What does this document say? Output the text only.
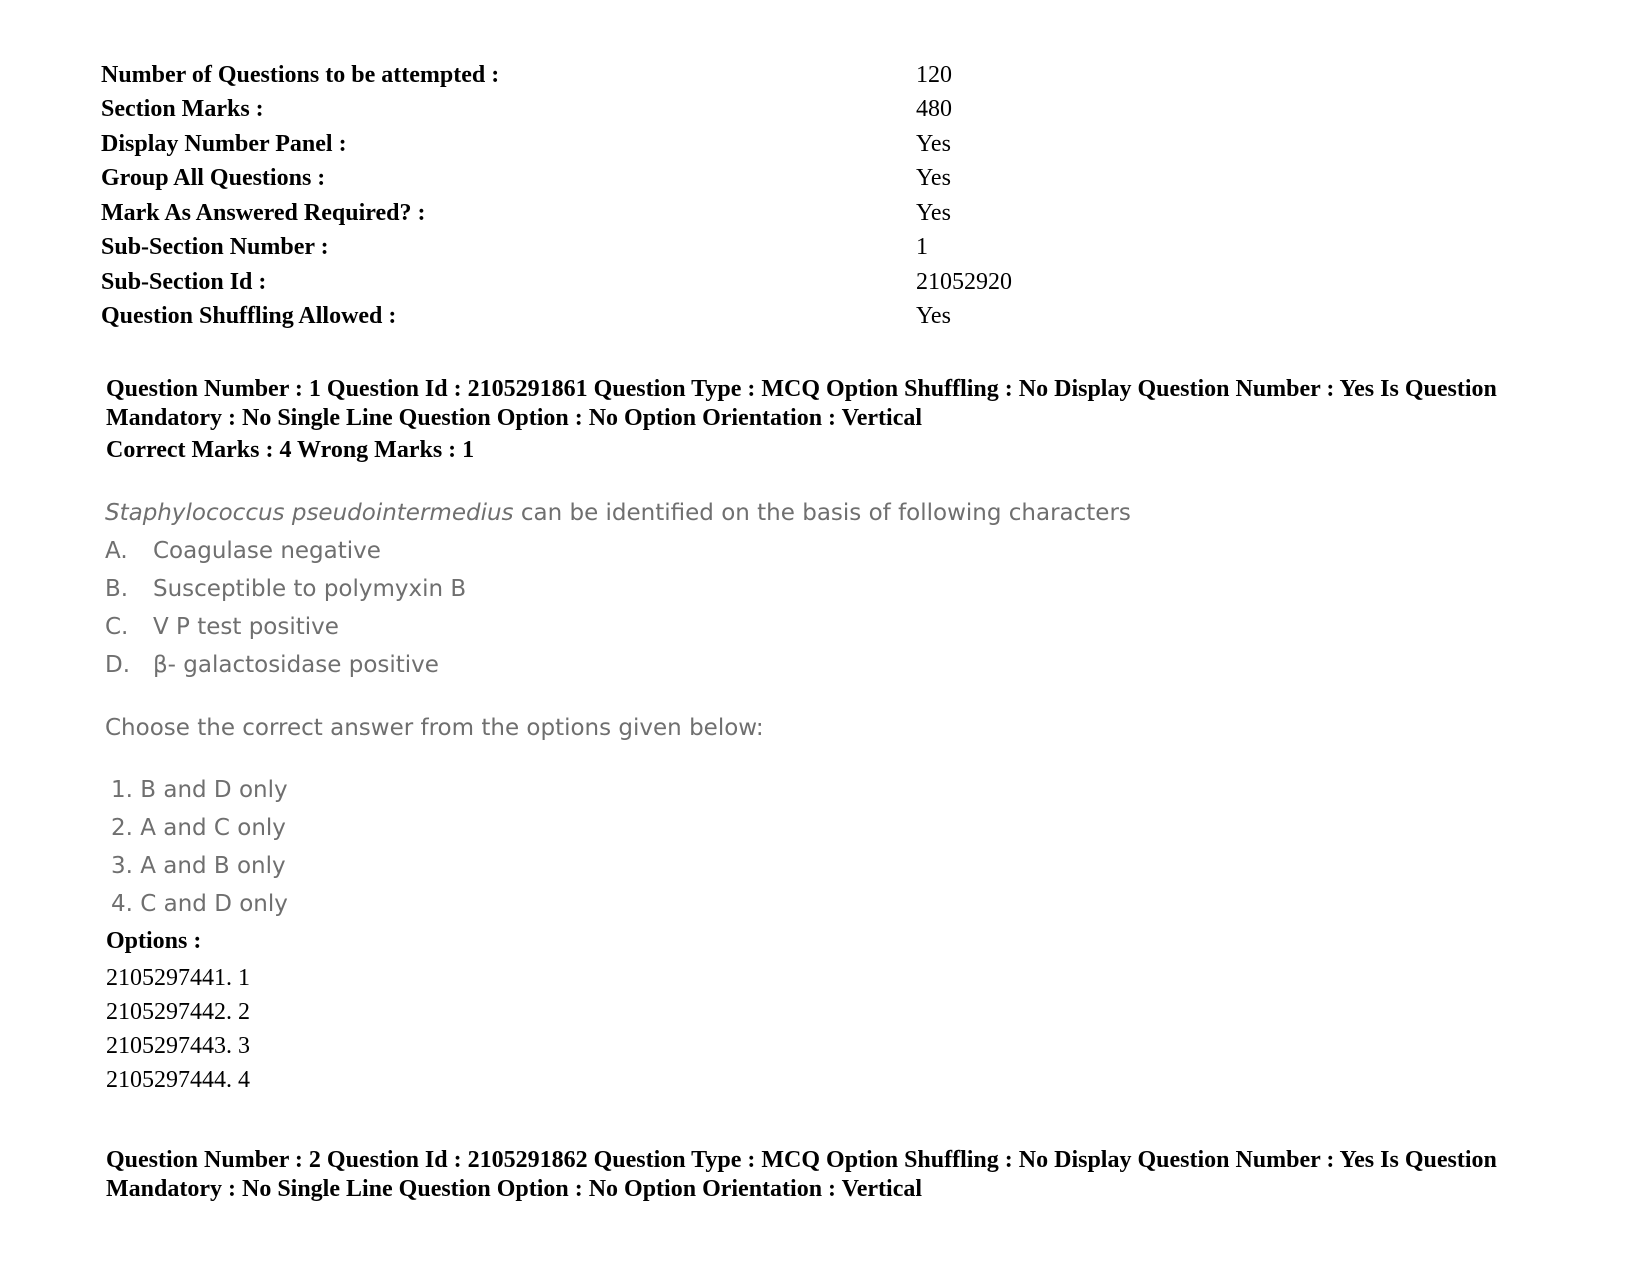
Number of Questions to be attempted :	120
Section Marks :	480
Display Number Panel :	Yes
Group All Questions :	Yes
Mark As Answered Required? :	Yes
Sub-Section Number :	1
Sub-Section Id :	21052920
Question Shuffling Allowed :	Yes
Question Number : 1 Question Id : 2105291861 Question Type : MCQ Option Shuffling : No Display Question Number : Yes Is Question
Mandatory : No Single Line Question Option : No Option Orientation : Vertical
Correct Marks : 4 Wrong Marks : 1
Staphylococcus pseudointermedius can be identified on the basis of following characters
A.	Coagulase negative
B.	Susceptible to polymyxin B
C.	V P test positive
D. β- galactosidase positive
Choose the correct answer from the options given below:
1. B and D only
2. A and C only
3. A and B only
4. C and D only
Options :
2105297441. 1
2105297442. 2
2105297443. 3
2105297444. 4
Question Number : 2 Question Id : 2105291862 Question Type : MCQ Option Shuffling : No Display Question Number : Yes Is Question
Mandatory : No Single Line Question Option : No Option Orientation : Vertical
